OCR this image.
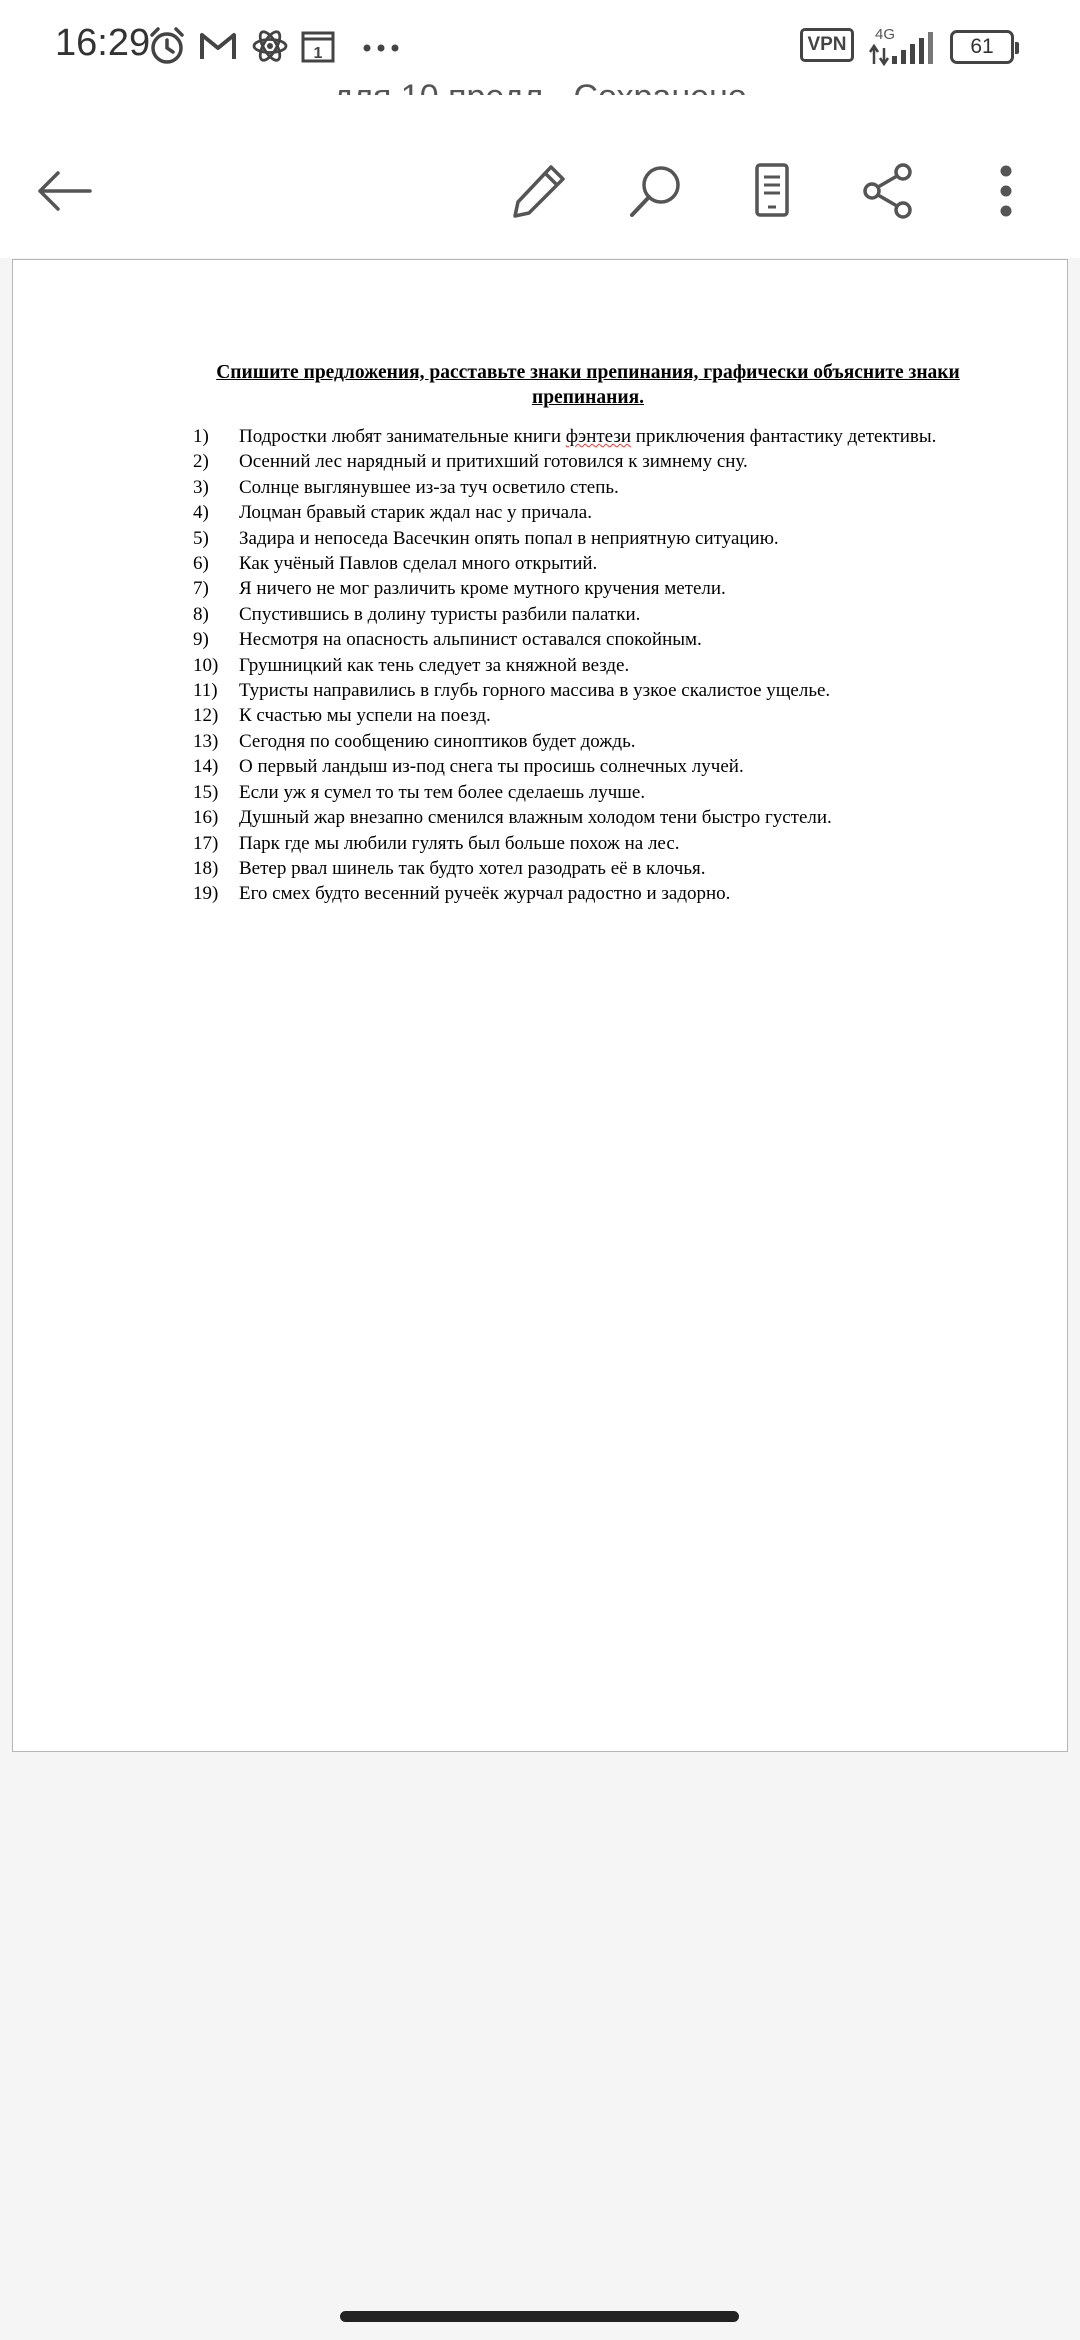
16:29	1	VPN	4G
61
Спишите предложения, расставьте знаки препинания, графически объясните знаки
препинания.
1) Подростки любят занимательные книги фэнтези приключения фантастику детективы.
2) Осенний лес нарядный и притихший готовился к зимнему сну.
3) Солнце выглянувшее из-за туч осветило степь.
4) Лоцман бравый старик ждал нас у причала.
5) Задира и непоседа Васечкин опять попал в неприятную ситуацию.
6) Как учёный Павлов сделал много открытий.
7) Я ничего не мог различить кроме мутного кручения метели.
8) Спустившись в долину туристы разбили палатки.
9) Несмотря на опасность альпинист оставался спокойным.
10) Грушницкий как тень следует за княжной везде.
11) Туристы направились в глубь горного массива в узкое скалистое ущелье.
12) К счастью мы успели на поезд.
13) Сегодня по сообщению синоптиков будет дождь.
14) О первый ландыш из-под снега ты просишь солнечных лучей.
15) Если уж я сумел то ты тем более сделаешь лучше.
16) Душный жар внезапно сменился влажным холодом тени быстро густели.
17) Парк где мы любили гулять был больше похож на лес.
18) Ветер рвал шинель так будто хотел разодрать её в клочья.
19) Его смех будто весенний ручеёк журчал радостно и задорно.
